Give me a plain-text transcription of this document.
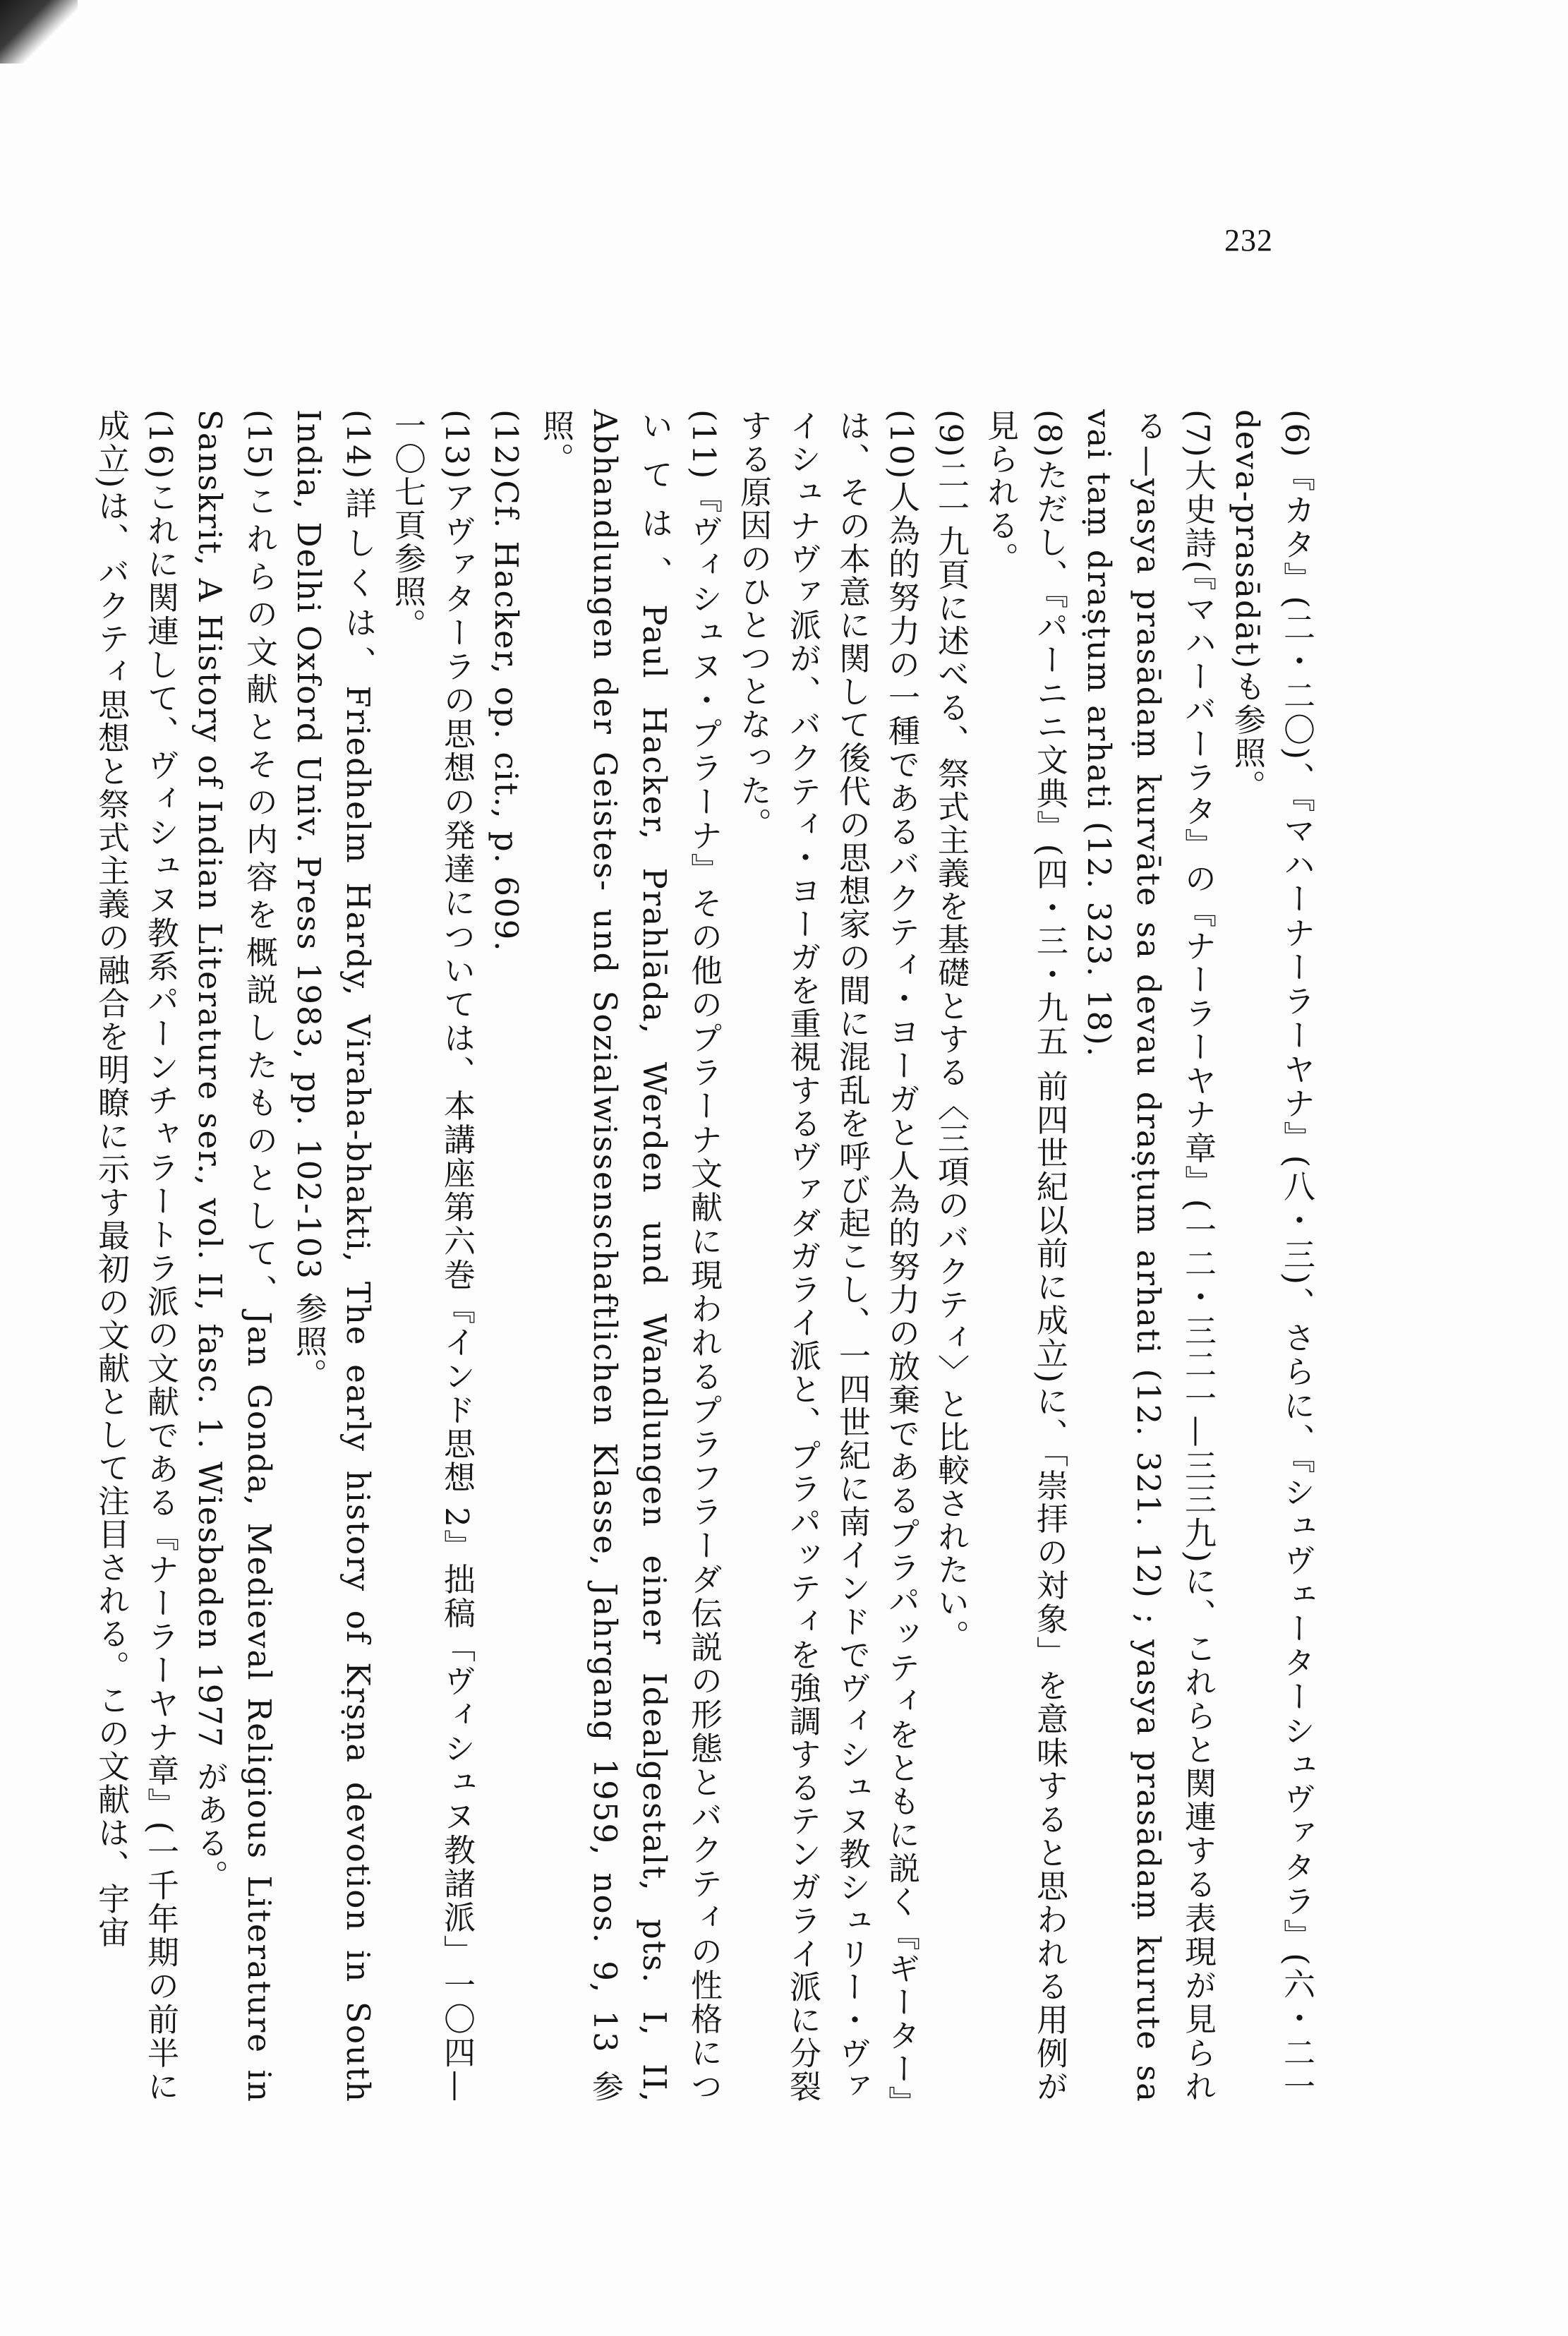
232

(6)『カタ』(二・二〇)、『マハーナーラーヤナ』(八・三)、さらに、『シュヴェーターシュヴァタラ』(六・二一 deva-prasādāt)も参照。

(7)大史詩(『マハーバーラタ』の『ナーラーヤナ章』(一二・三二一—三三九)に、これらと関連する表現が見られる—yasya prasādaṃ kurvāte sa devau draṣṭum arhati (12. 321. 12) ; yasya prasādaṃ kurute sa vai taṃ draṣṭum arhati (12. 323. 18).

(8)ただし、『パーニニ文典』(四・三・九五 前四世紀以前に成立)に、「崇拝の対象」を意味すると思われる用例が見られる。

(9)二一九頁に述べる、祭式主義を基礎とする〈三項のバクティ〉と比較されたい。

(10)人為的努力の一種であるバクティ・ヨーガと人為的努力の放棄であるプラパッティをともに説く『ギーター』は、その本意に関して後代の思想家の間に混乱を呼び起こし、一四世紀に南インドでヴィシュヌ教シュリー・ヴァイシュナヴァ派が、バクティ・ヨーガを重視するヴァダガライ派と、プラパッティを強調するテンガライ派に分裂する原因のひとつとなった。

(11)『ヴィシュヌ・プラーナ』その他のプラーナ文献に現われるプラフラーダ伝説の形態とバクティの性格については、Paul Hacker, Prahlāda, Werden und Wandlungen einer Idealgestalt, pts. I, II, Abhandlungen der Geistes- und Sozialwissenschaftlichen Klasse, Jahrgang 1959, nos. 9, 13 参照。

(12)Cf. Hacker, op. cit., p. 609.

(13)アヴァターラの思想の発達については、本講座第六巻『インド思想 2』拙稿「ヴィシュヌ教諸派」一〇四—一〇七頁参照。

(14)詳しくは、Friedhelm Hardy, Viraha-bhakti, The early history of Kṛṣṇa devotion in South India, Delhi Oxford Univ. Press 1983, pp. 102-103 参照。

(15)これらの文献とその内容を概説したものとして、Jan Gonda, Medieval Religious Literature in Sanskrit, A History of Indian Literature ser., vol. II, fasc. 1. Wiesbaden 1977 がある。

(16)これに関連して、ヴィシュヌ教系パーンチャラートラ派の文献である『ナーラーヤナ章』(一千年期の前半に成立)は、バクティ思想と祭式主義の融合を明瞭に示す最初の文献として注目される。この文献は、宇宙
